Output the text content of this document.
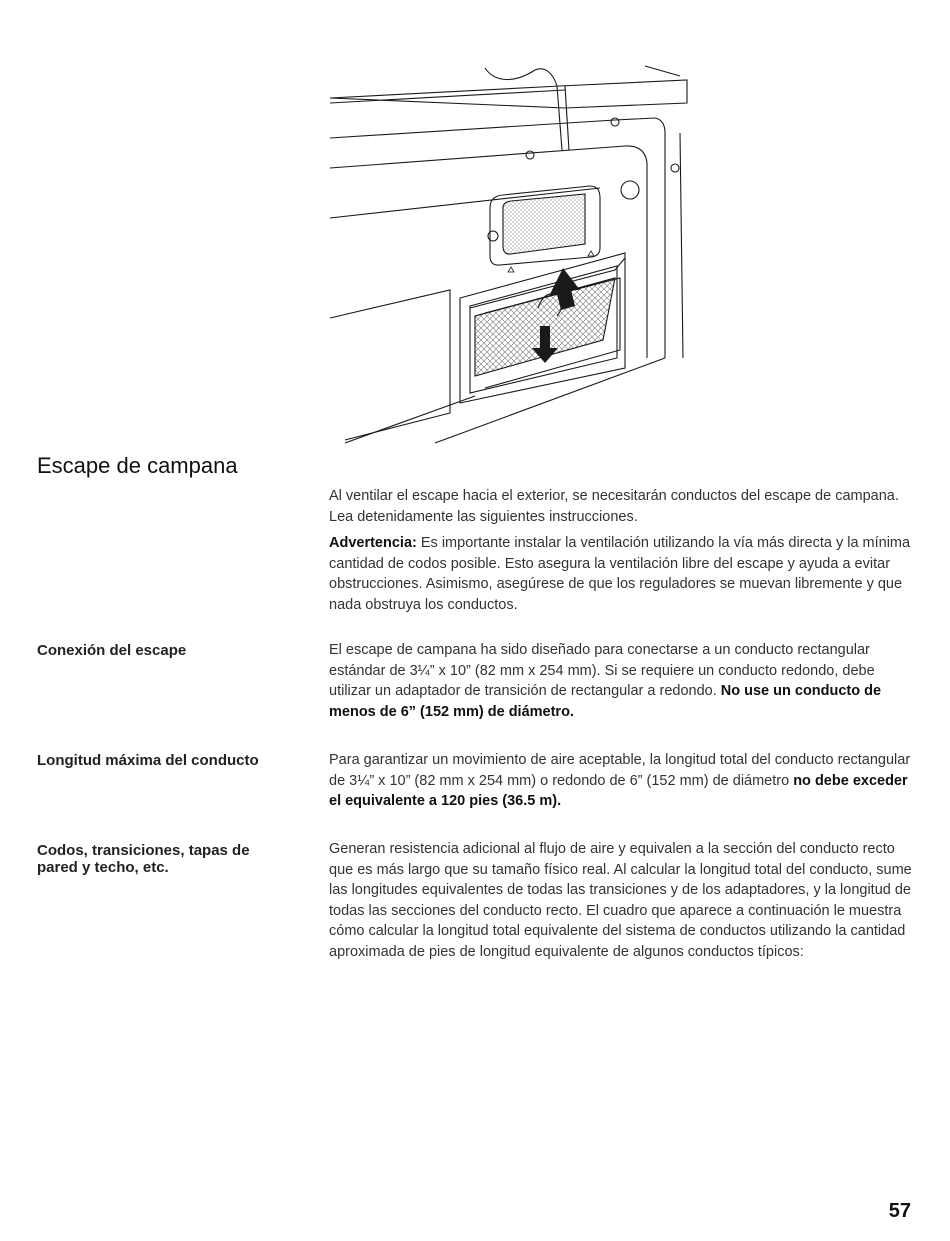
Escape de campana

Al ventilar el escape hacia el exterior, se necesitarán conductos del escape de campana. Lea detenidamente las siguientes instrucciones.

Advertencia: Es importante instalar la ventilación utilizando la vía más directa y la mínima cantidad de codos posible. Esto asegura la ventilación libre del escape y ayuda a evitar obstrucciones. Asimismo, asegúrese de que los reguladores se muevan libremente y que nada obstruya los conductos.

Conexión del escape	El escape de campana ha sido diseñado para conectarse a un conducto rectangular estándar de 3¼” x 10” (82 mm x 254 mm). Si se requiere un conducto redondo, debe utilizar un adaptador de transición de rectangular a redondo. No use un conducto de menos de 6” (152 mm) de diámetro.

Longitud máxima del conducto	Para garantizar un movimiento de aire aceptable, la longitud total del conducto rectangular de 3¼” x 10” (82 mm x 254 mm) o redondo de 6” (152 mm) de diámetro no debe exceder el equivalente a 120 pies (36.5 m).

Codos, transiciones, tapas de pared y techo, etc.

Generan resistencia adicional al flujo de aire y equivalen a la sección del conducto recto que es más largo que su tamaño físico real. Al calcular la longitud total del conducto, sume las longitudes equivalentes de todas las transiciones y de los adaptadores, y la longitud de todas las secciones del conducto recto. El cuadro que aparece a continuación le muestra cómo calcular la longitud total equivalente del sistema de conductos utilizando la cantidad aproximada de pies de longitud equivalente de algunos conductos típicos:

57
